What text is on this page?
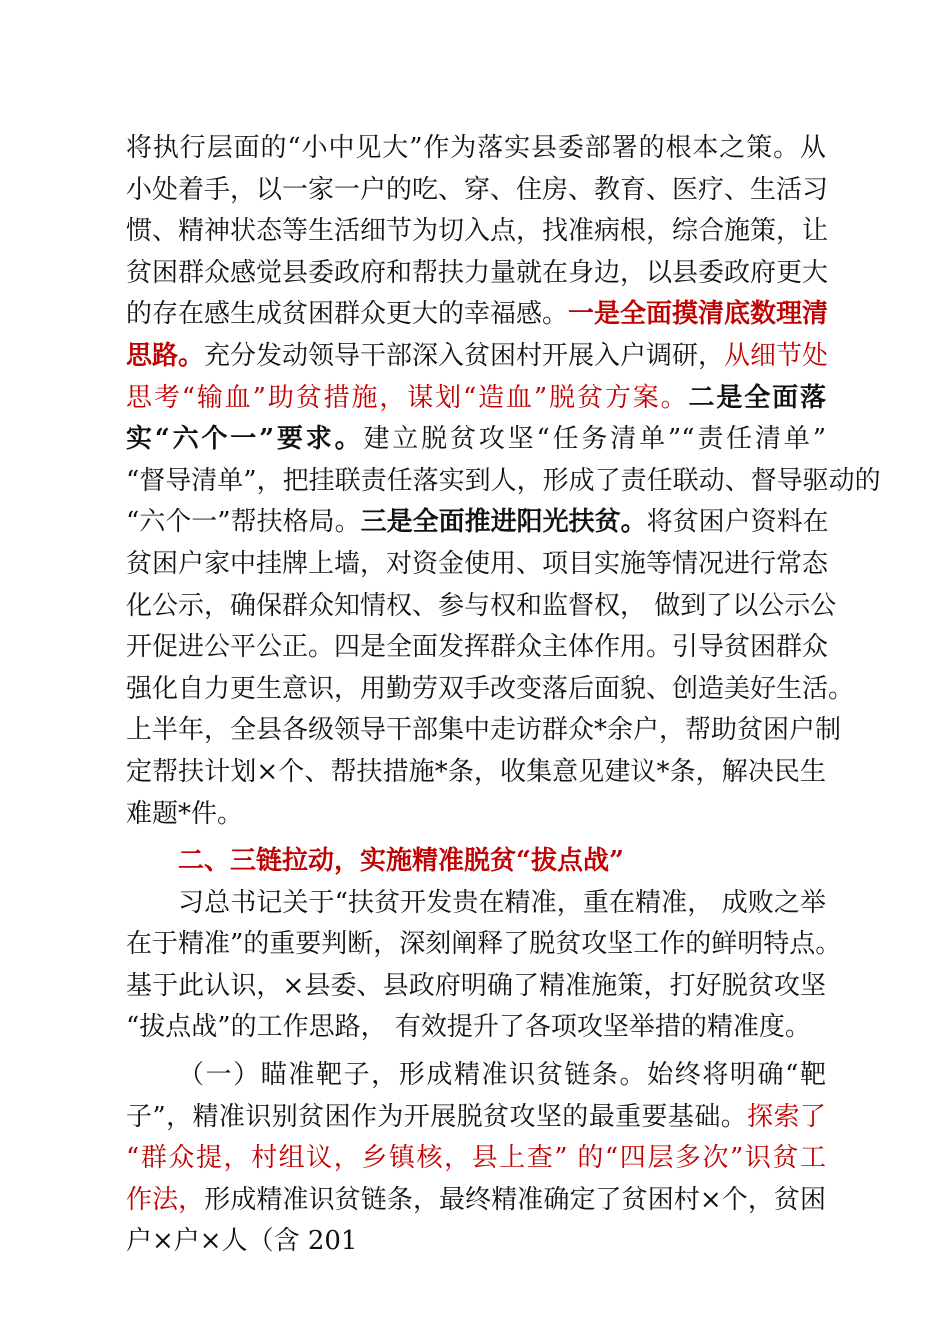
将执行层面的“小中见大”作为落实县委部署的根本之策。从
小处着手，以一家一户的吃、穿、住房、教育、医疗、生活习
惯、精神状态等生活细节为切入点，找准病根，综合施策，让
贫困群众感觉县委政府和帮扶力量就在身边，以县委政府更大
的存在感生成贫困群众更大的幸福感。一是全面摸清底数理清
思路。充分发动领导干部深入贫困村开展入户调研，从细节处
思考“输血”助贫措施，谋划“造血”脱贫方案。二是全面落
实“六个一”要求。建立脱贫攻坚“任务清单”“责任清单”
“督导清单”，把挂联责任落实到人，形成了责任联动、督导驱动的
“六个一”帮扶格局。三是全面推进阳光扶贫。将贫困户资料在
贫困户家中挂牌上墙，对资金使用、项目实施等情况进行常态
化公示，确保群众知情权、参与权和监督权， 做到了以公示公
开促进公平公正。四是全面发挥群众主体作用。引导贫困群众
强化自力更生意识，用勤劳双手改变落后面貌、创造美好生活。
上半年，全县各级领导干部集中走访群众*余户，帮助贫困户制
定帮扶计划×个、帮扶措施*条，收集意见建议*条，解决民生
难题*件。
二、三链拉动，实施精准脱贫“拔点战”
习总书记关于“扶贫开发贵在精准，重在精准， 成败之举
在于精准”的重要判断，深刻阐释了脱贫攻坚工作的鲜明特点。
基于此认识，×县委、县政府明确了精准施策，打好脱贫攻坚
“拔点战”的工作思路， 有效提升了各项攻坚举措的精准度。
（一）瞄准靶子，形成精准识贫链条。始终将明确“靶
子”，精准识别贫困作为开展脱贫攻坚的最重要基础。探索了
“群众提，村组议，乡镇核，县上查” 的“四层多次”识贫工
作法，形成精准识贫链条，最终精准确定了贫困村×个，贫困
户×户×人（含 201
